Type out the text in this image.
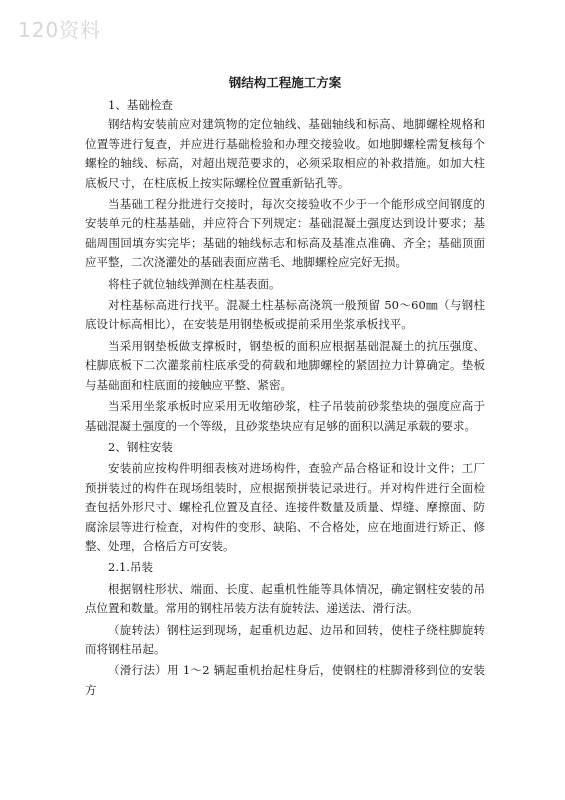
120资料
钢结构工程施工方案

1、基础检查

钢结构安装前应对建筑物的定位轴线、基础轴线和标高、地脚螺栓规格和位置等进行复查，并应进行基础检验和办理交接验收。如地脚螺栓需复核每个螺栓的轴线、标高，对超出规范要求的，必须采取相应的补救措施。如加大柱底板尺寸，在柱底板上按实际螺栓位置重新钻孔等。

当基础工程分批进行交接时，每次交接验收不少于一个能形成空间钢度的安装单元的柱基基础，并应符合下列规定：基础混凝土强度达到设计要求；基础周围回填夯实完毕；基础的轴线标志和标高及基准点准确、齐全；基础顶面应平整，二次浇灌处的基础表面应凿毛、地脚螺栓应完好无损。

将柱子就位轴线弹测在柱基表面。

对柱基标高进行找平。混凝土柱基标高浇筑一般预留 50～60㎜（与钢柱底设计标高相比），在安装是用钢垫板或提前采用坐浆承板找平。

当采用钢垫板做支撑板时，钢垫板的面积应根据基础混凝土的抗压强度、柱脚底板下二次灌浆前柱底承受的荷载和地脚螺栓的紧固拉力计算确定。垫板与基础面和柱底面的接触应平整、紧密。

当采用坐浆承板时应采用无收缩砂浆，柱子吊装前砂浆垫块的强度应高于基础混凝土强度的一个等级，且砂浆垫块应有足够的面积以满足承载的要求。

2、钢柱安装

安装前应按构件明细表核对进场构件，查验产品合格证和设计文件；工厂预拼装过的构件在现场组装时，应根据预拼装记录进行。并对构件进行全面检查包括外形尺寸、螺栓孔位置及直径、连接件数量及质量、焊缝、摩擦面、防腐涂层等进行检查，对构件的变形、缺陷、不合格处，应在地面进行矫正、修整、处理，合格后方可安装。

2.1.吊装

根据钢柱形状、端面、长度、起重机性能等具体情况，确定钢柱安装的吊点位置和数量。常用的钢柱吊装方法有旋转法、递送法、滑行法。

（旋转法）钢柱运到现场，起重机边起、边吊和回转，使柱子绕柱脚旋转而将钢柱吊起。

（滑行法）用 1～2 辆起重机抬起柱身后，使钢柱的柱脚滑移到位的安装方
